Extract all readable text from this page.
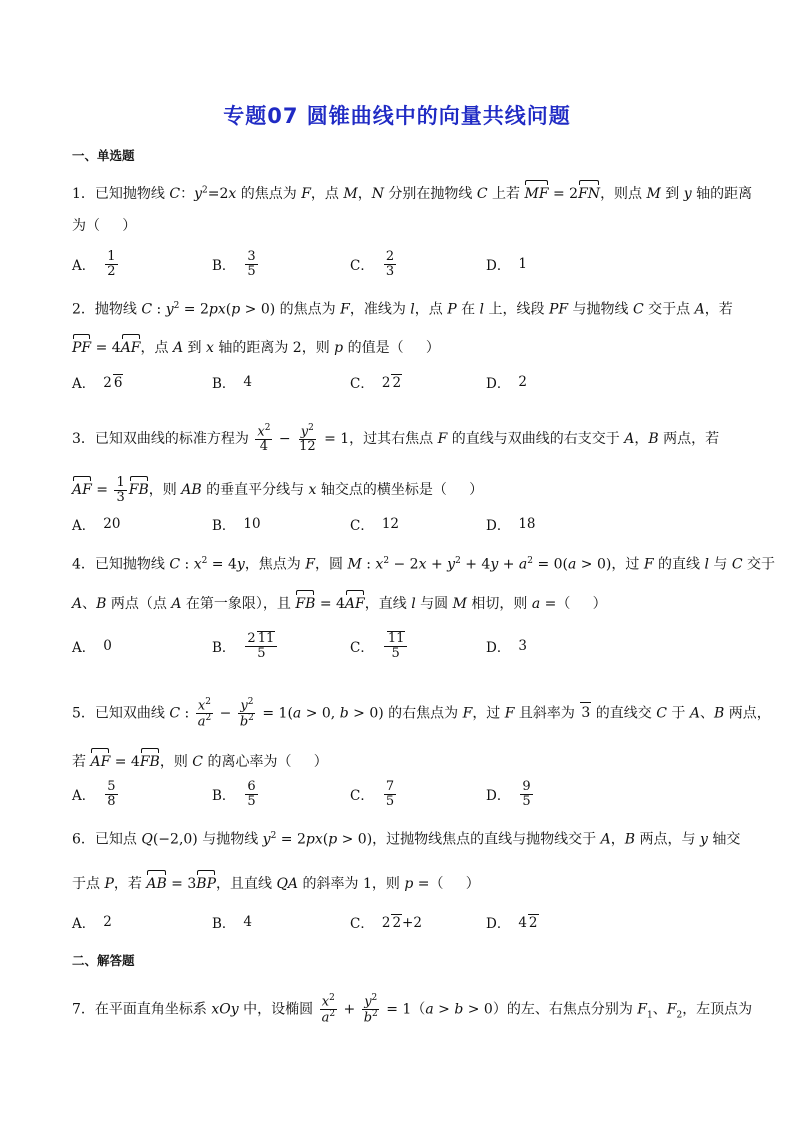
专题07 圆锥曲线中的向量共线问题
一、单选题
1．已知抛物线 C：$y^2=2x$ 的焦点为 F，点 M，N 分别在抛物线 C 上若 MF = 2FN，则点 M 到 y 轴的距离
为（     ）
A． $\frac{1}{2}$	B． $\frac{3}{5}$	C． $\frac{2}{3}$	D． 1
2．抛物线 C : $y^2 = 2px(p > 0)$ 的焦点为 F，准线为 l，点 P 在 l 上，线段 PF 与抛物线 C 交于点 A，若
PF = 4AF，点 A 到 x 轴的距离为 2，则 p 的值是（     ）
A． 2 6	B． 4	C． 2 2	D． 2
3．已知双曲线的标准方程为 $\frac{x^2}{4} - \frac{y^2}{12} = 1$，过其右焦点 F 的直线与双曲线的右支交于 A，B 两点，若
AF = $\frac{1}{3}$ FB，则 AB 的垂直平分线与 x 轴交点的横坐标是（     ）
A． 20	B． 10	C． 12	D． 18
4．已知抛物线 C : $x^2 = 4y$，焦点为 F，圆 M : $x^2 - 2x + y^2 + 4y + a^2 = 0(a > 0)$，过 F 的直线 l 与 C 交于
A、B 两点（点 A 在第一象限），且 FB = 4AF，直线 l 与圆 M 相切，则 a =（     ）
A． 0	B． $\frac{2 11}{5}$	C． $\frac{11}{5}$	D． 3
5．已知双曲线 C : $\frac{x^2}{a^2} - \frac{y^2}{b^2} = 1(a > 0$, b > 0) 的右焦点为 F，过 F 且斜率为 3 的直线交 C 于 A、B 两点，
若 AF = 4FB，则 C 的离心率为（     ）
A． $\frac{5}{8}$	B． $\frac{6}{5}$	C． $\frac{7}{5}$	D． $\frac{9}{5}$
6．已知点 Q(−2,0) 与抛物线 $y^2 = 2px(p > 0)$，过抛物线焦点的直线与抛物线交于 A，B 两点，与 y 轴交
于点 P，若 AB = 3BP，且直线 QA 的斜率为 1，则 p =（     ）
A． 2	B． 4	C． 2 2+2	D． 4 2
二、解答题
7．在平面直角坐标系 xOy 中，设椭圆 $\frac{x^2}{a^2} + \frac{y^2}{b^2} = 1(a > b > 0)$的左、右焦点分别为 $F_1$、$F_2$，左顶点为
